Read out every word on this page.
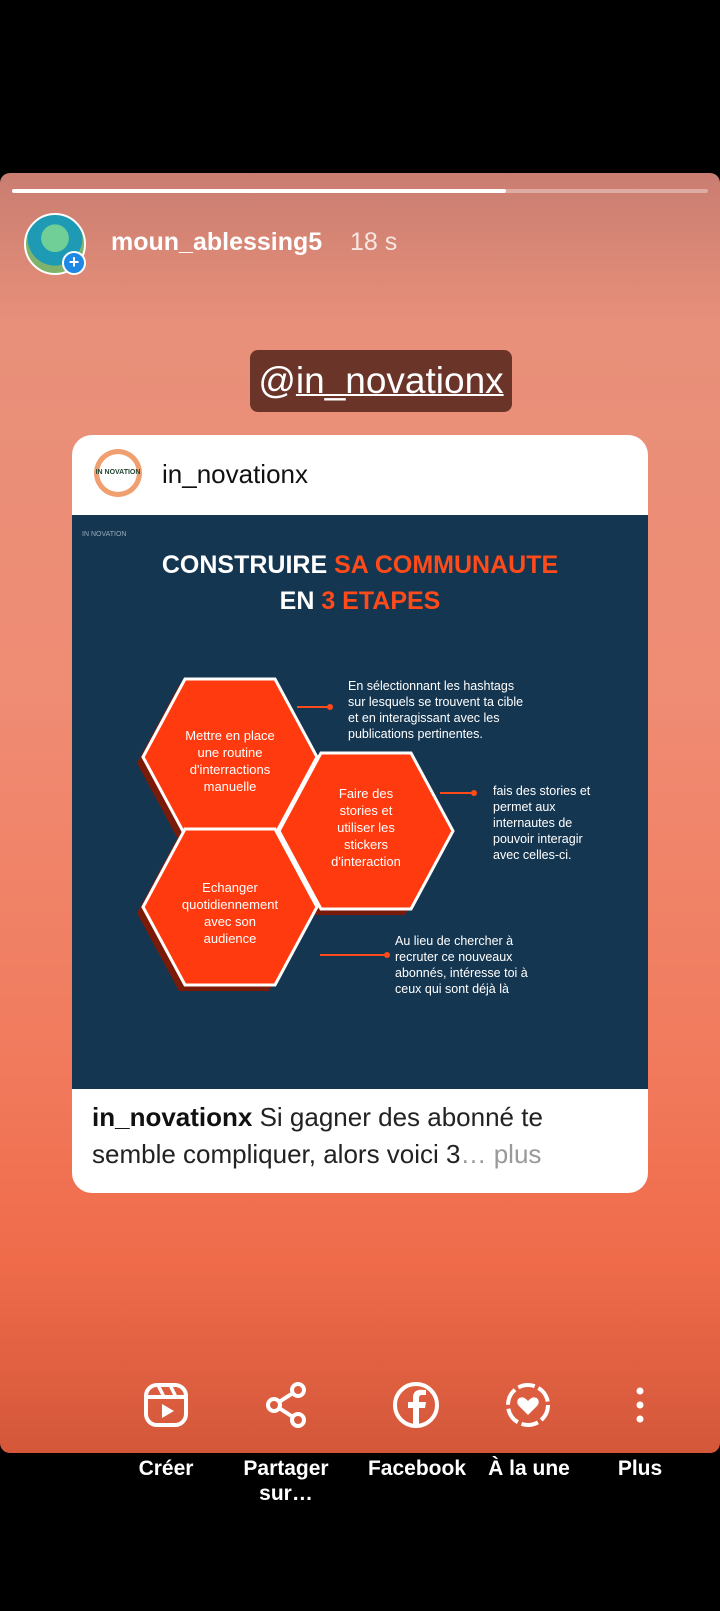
+
moun_ablessing5 18 s
@in_novationx
IN NOVATION in_novationx
IN NOVATION
CONSTRUIRE SA COMMUNAUTE
EN 3 ETAPES
Mettre en place
une routine
d'interractions
manuelle	Faire des
stories et
utiliser les
stickers
d'interaction
Echanger
quotidiennement
avec son
audience
En sélectionnant les hashtags
sur lesquels se trouvent ta cible
et en interagissant avec les
publications pertinentes.
fais des stories et
permet aux
internautes de
pouvoir interagir
avec celles-ci.
Au lieu de chercher à
recruter ce nouveaux
abonnés, intéresse toi à
ceux qui sont déjà là
in_novationx Si gagner des abonné te semble compliquer, alors voici 3… plus
Créer	Partager
sur…
Facebook	À la une	Plus
